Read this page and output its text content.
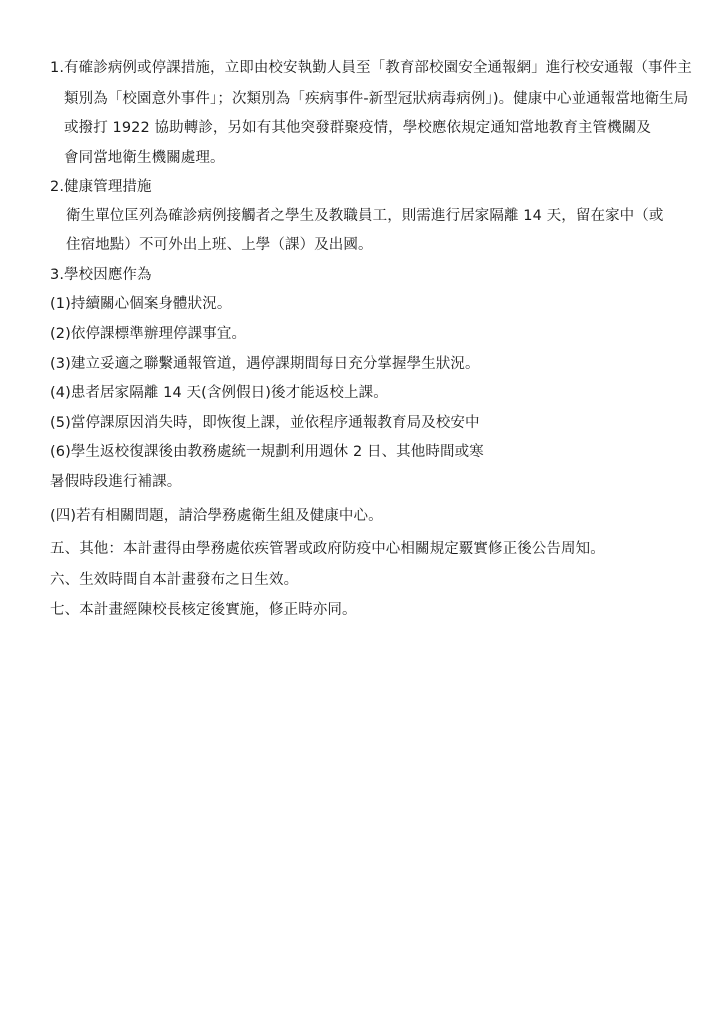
1.有確診病例或停課措施，立即由校安執勤人員至「教育部校園安全通報網」進行校安通報（事件主
類別為「校園意外事件」；次類別為「疾病事件-新型冠狀病毒病例」)。健康中心並通報當地衛生局
或撥打 1922 協助轉診，另如有其他突發群聚疫情，學校應依規定通知當地教育主管機關及
會同當地衛生機關處理。
2.健康管理措施
衛生單位匡列為確診病例接觸者之學生及教職員工，則需進行居家隔離 14 天，留在家中（或
住宿地點）不可外出上班、上學（課）及出國。
3.學校因應作為
(1)持續關心個案身體狀況。
(2)依停課標準辦理停課事宜。
(3)建立妥適之聯繫通報管道，遇停課期間每日充分掌握學生狀況。
(4)患者居家隔離 14 天(含例假日)後才能返校上課。
(5)當停課原因消失時，即恢復上課，並依程序通報教育局及校安中
(6)學生返校復課後由教務處統一規劃利用週休 2 日、其他時間或寒
暑假時段進行補課。
(四)若有相關問題，請洽學務處衛生組及健康中心。
五、其他：本計畫得由學務處依疾管署或政府防疫中心相關規定覈實修正後公告周知。
六、生效時間自本計畫發布之日生效。
七、本計畫經陳校長核定後實施，修正時亦同。
